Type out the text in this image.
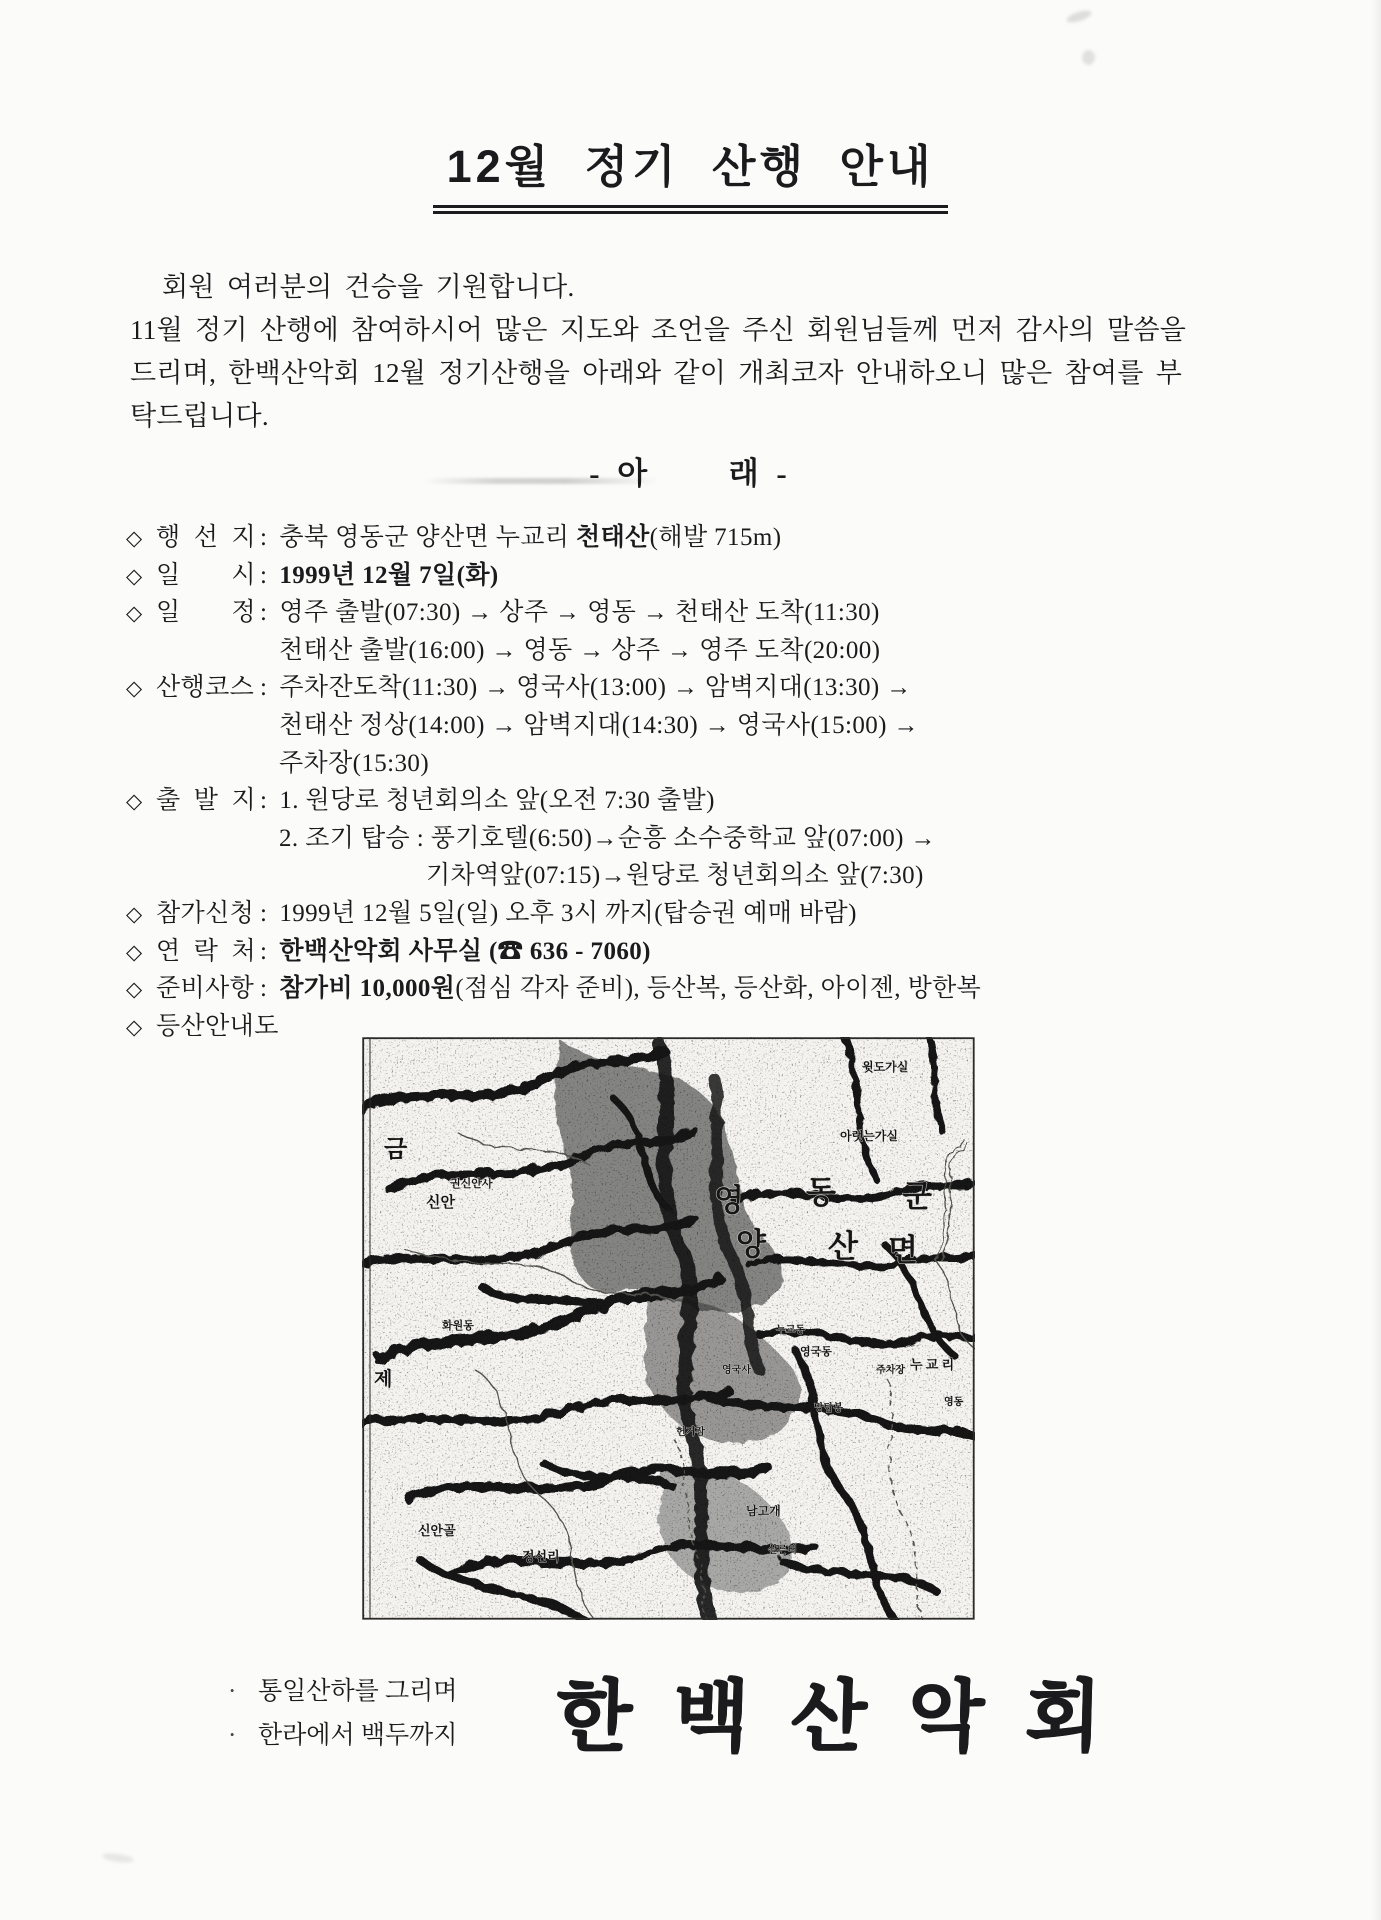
12월 정기 산행 안내
회원 여러분의 건승을 기원합니다.
11월 정기 산행에 참여하시어 많은 지도와 조언을 주신 회원님들께 먼저 감사의 말씀을
드리며, 한백산악회 12월 정기산행을 아래와 같이 개최코자 안내하오니 많은 참여를 부
탁드립니다.
- 아      래 -
◇ 행 선 지 : 충북 영동군 양산면 누교리 천태산(해발 715m)
◇ 일 시 : 1999년 12월 7일(화)
◇ 일 정 : 영주 출발(07:30) → 상주 → 영동 → 천태산 도착(11:30)
천태산 출발(16:00) → 영동 → 상주 → 영주 도착(20:00)
◇ 산행코스 : 주차잔도착(11:30) → 영국사(13:00) → 암벽지대(13:30) →
천태산 정상(14:00) → 암벽지대(14:30) → 영국사(15:00) →
주차장(15:30)
◇ 출 발 지 : 1. 원당로 청년회의소 앞(오전 7:30 출발)
2. 조기 탑승 : 풍기호텔(6:50)→순흥 소수중학교 앞(07:00) →
기차역앞(07:15)→원당로 청년회의소 앞(7:30)
◇ 참가신청 : 1999년 12월 5일(일) 오후 3시 까지(탑승권 예매 바람)
◇ 연 락 처 : 한백산악회 사무실 (☎ 636 - 7060)
◇ 준비사항 : 참가비 10,000원(점심 각자 준비), 등산복, 등산화, 아이젠, 방한복
◇ 등산안내도
금
권신안사
신안
윗도가실
아랫는가실
영 동 군
양 산 면
화원동
제
누교동
영국동
영국사	주차장 누 교 리
영동
망탑봉
헌거잠
신안골
정선리
남고개
살른터
· 통일산하를 그리며
· 한라에서 백두까지 한백산악회
